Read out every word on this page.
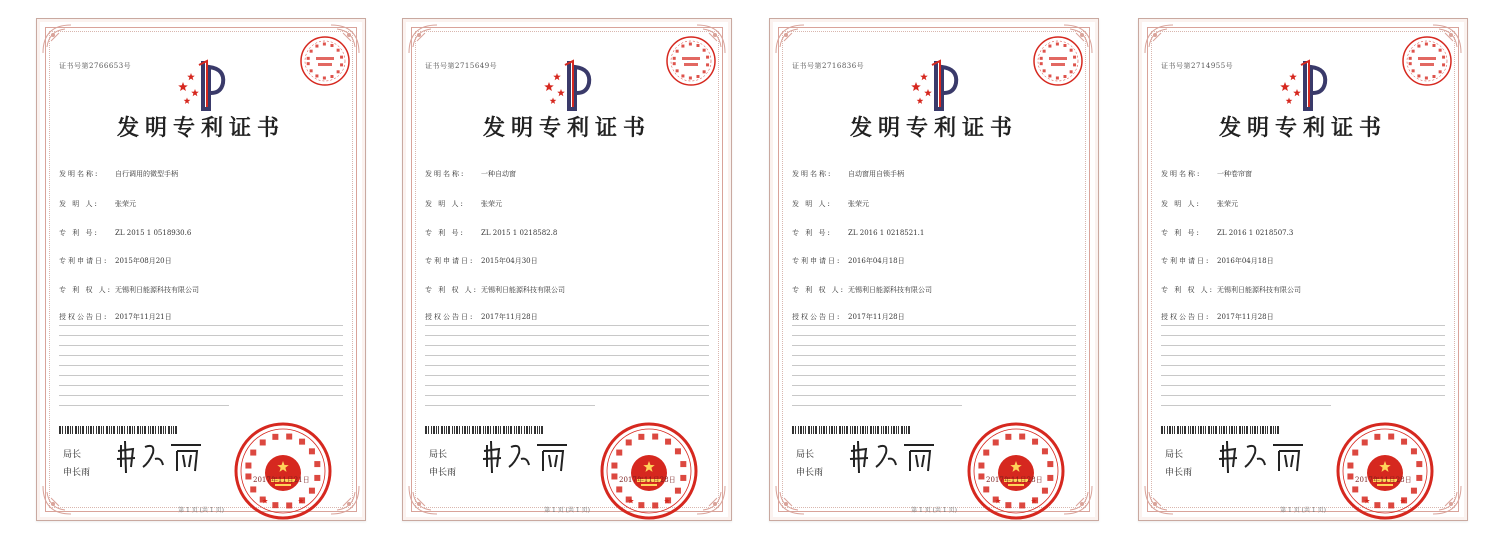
证书号第2766653号
发明专利证书
发明名称: 自行调用的微型手柄
发 明 人: 张荣元
专 利 号: ZL 2015 1 0518930.6
专利申请日: 2015年08月20日
专 利 权 人: 无锡利日能源科技有限公司
授权公告日: 2017年11月21日
局长
申长雨
2017年11月21日
第 1 页 (共 1 页)
证书号第2715649号
发明专利证书
发明名称: 一种自动窗
发 明 人: 张荣元
专 利 号: ZL 2015 1 0218582.8
专利申请日: 2015年04月30日
专 利 权 人: 无锡利日能源科技有限公司
授权公告日: 2017年11月28日
局长
申长雨
2017年11月28日
第 1 页 (共 1 页)
证书号第2716836号
发明专利证书
发明名称: 自动窗用自锁手柄
发 明 人: 张荣元
专 利 号: ZL 2016 1 0218521.1
专利申请日: 2016年04月18日
专 利 权 人: 无锡利日能源科技有限公司
授权公告日: 2017年11月28日
局长
申长雨
2017年11月28日
第 1 页 (共 1 页)
证书号第2714955号
发明专利证书
发明名称: 一种卷帘窗
发 明 人: 张荣元
专 利 号: ZL 2016 1 0218507.3
专利申请日: 2016年04月18日
专 利 权 人: 无锡利日能源科技有限公司
授权公告日: 2017年11月28日
局长
申长雨
2017年11月28日
第 1 页 (共 1 页)
